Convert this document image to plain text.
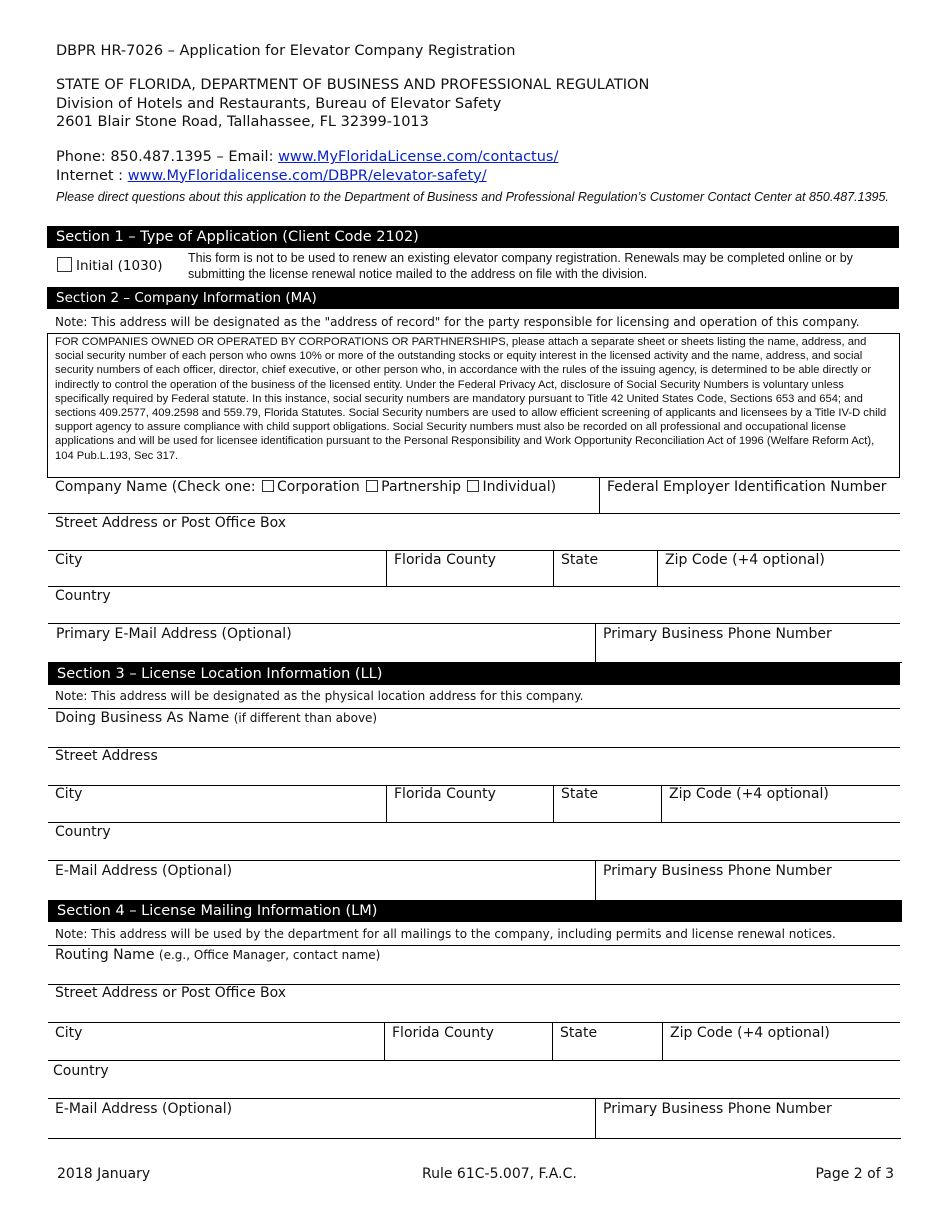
DBPR HR-7026 – Application for Elevator Company Registration
STATE OF FLORIDA, DEPARTMENT OF BUSINESS AND PROFESSIONAL REGULATION
Division of Hotels and Restaurants, Bureau of Elevator Safety
2601 Blair Stone Road, Tallahassee, FL 32399-1013
Phone: 850.487.1395 – Email: www.MyFloridaLicense.com/contactus/
Internet : www.MyFloridalicense.com/DBPR/elevator-safety/
Please direct questions about this application to the Department of Business and Professional Regulation’s Customer Contact Center at 850.487.1395.
Section 1 – Type of Application (Client Code 2102)
Initial (1030) This form is not to be used to renew an existing elevator company registration. Renewals may be completed online or by submitting the license renewal notice mailed to the address on file with the division.
Section 2 – Company Information (MA)
Note: This address will be designated as the "address of record" for the party responsible for licensing and operation of this company.
FOR COMPANIES OWNED OR OPERATED BY CORPORATIONS OR PARTHNERSHIPS, please attach a separate sheet or sheets listing the name, address, and social security number of each person who owns 10% or more of the outstanding stocks or equity interest in the licensed activity and the name, address, and social security numbers of each officer, director, chief executive, or other person who, in accordance with the rules of the issuing agency, is determined to be able directly or indirectly to control the operation of the business of the licensed entity. Under the Federal Privacy Act, disclosure of Social Security Numbers is voluntary unless specifically required by Federal statute. In this instance, social security numbers are mandatory pursuant to Title 42 United States Code, Sections 653 and 654; and sections 409.2577, 409.2598 and 559.79, Florida Statutes. Social Security numbers are used to allow efficient screening of applicants and licensees by a Title IV-D child support agency to assure compliance with child support obligations. Social Security numbers must also be recorded on all professional and occupational license applications and will be used for licensee identification pursuant to the Personal Responsibility and Work Opportunity Reconciliation Act of 1996 (Welfare Reform Act), 104 Pub.L.193, Sec 317.
Company Name (Check one: Corporation Partnership Individual)	Federal Employer Identification Number
Street Address or Post Office Box
City	Florida County	State	Zip Code (+4 optional)
Country
Primary E-Mail Address (Optional)	Primary Business Phone Number
Section 3 – License Location Information (LL)
Note: This address will be designated as the physical location address for this company.
Doing Business As Name (if different than above)
Street Address
City	Florida County	State	Zip Code (+4 optional)
Country
E-Mail Address (Optional)	Primary Business Phone Number
Section 4 – License Mailing Information (LM)
Note: This address will be used by the department for all mailings to the company, including permits and license renewal notices.
Routing Name (e.g., Office Manager, contact name)
Street Address or Post Office Box
City	Florida County	State	Zip Code (+4 optional)
Country
E-Mail Address (Optional)	Primary Business Phone Number
2018 January	Rule 61C-5.007, F.A.C.	Page 2 of 3
